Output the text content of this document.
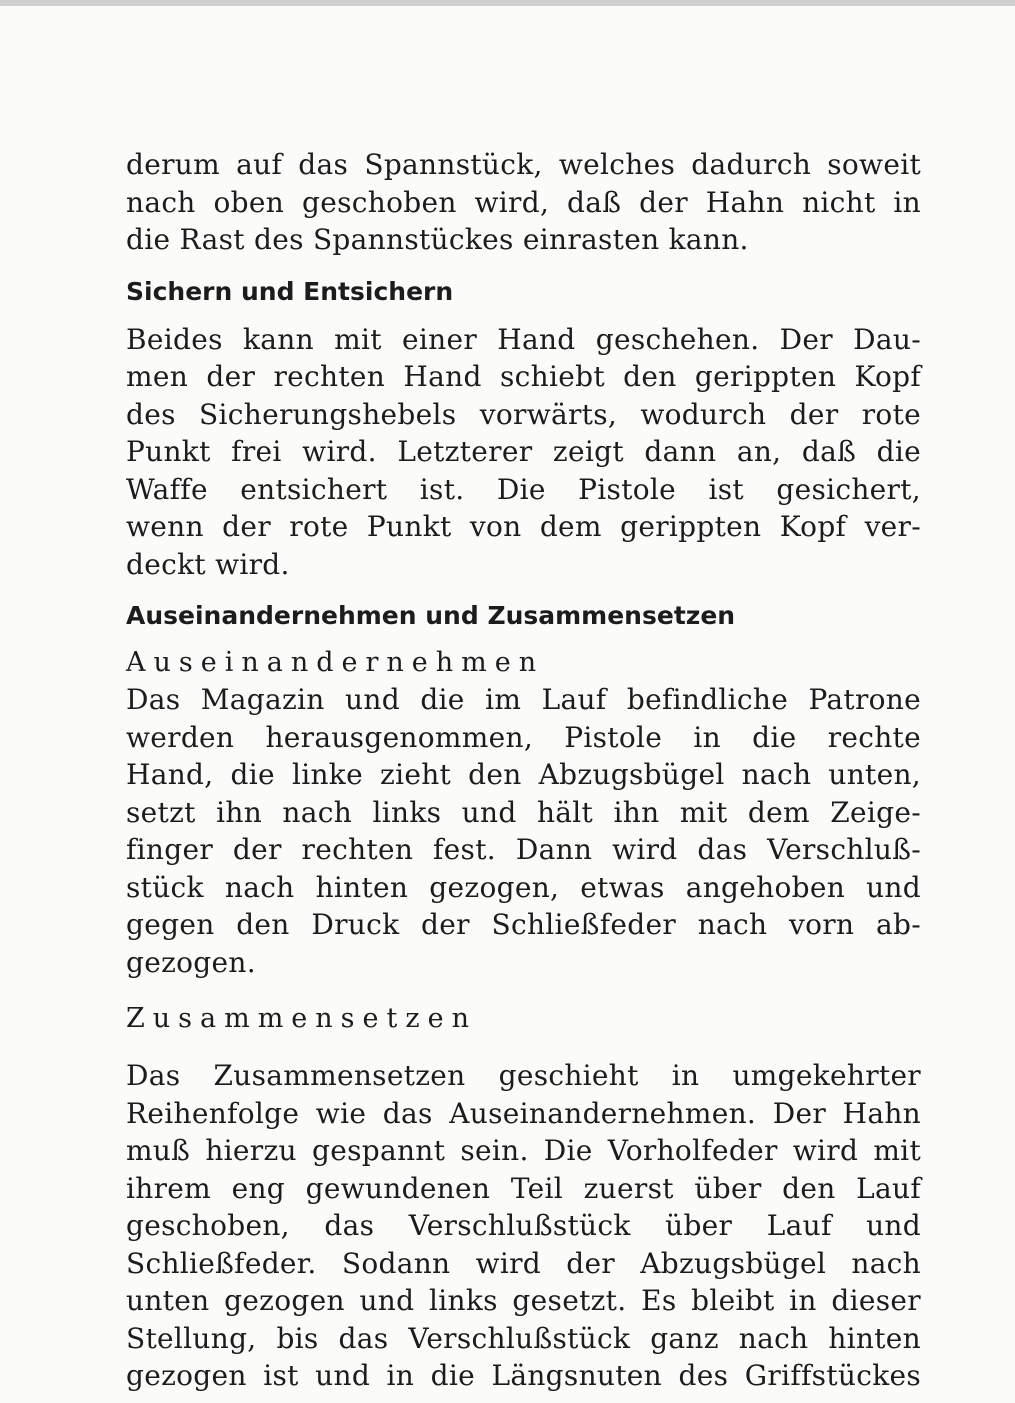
derum auf das Spannstück, welches dadurch soweit
nach oben geschoben wird, daß der Hahn nicht in
die Rast des Spannstückes einrasten kann.
Sichern und Entsichern
Beides kann mit einer Hand geschehen. Der Dau-
men der rechten Hand schiebt den gerippten Kopf
des Sicherungshebels vorwärts, wodurch der rote
Punkt frei wird. Letzterer zeigt dann an, daß die
Waffe entsichert ist. Die Pistole ist gesichert,
wenn der rote Punkt von dem gerippten Kopf ver-
deckt wird.
Auseinandernehmen und Zusammensetzen
Auseinandernehmen
Das Magazin und die im Lauf befindliche Patrone
werden herausgenommen, Pistole in die rechte
Hand, die linke zieht den Abzugsbügel nach unten,
setzt ihn nach links und hält ihn mit dem Zeige-
finger der rechten fest. Dann wird das Verschluß-
stück nach hinten gezogen, etwas angehoben und
gegen den Druck der Schließfeder nach vorn ab-
gezogen.
Zusammensetzen
Das Zusammensetzen geschieht in umgekehrter
Reihenfolge wie das Auseinandernehmen. Der Hahn
muß hierzu gespannt sein. Die Vorholfeder wird mit
ihrem eng gewundenen Teil zuerst über den Lauf
geschoben, das Verschlußstück über Lauf und
Schließfeder. Sodann wird der Abzugsbügel nach
unten gezogen und links gesetzt. Es bleibt in dieser
Stellung, bis das Verschlußstück ganz nach hinten
gezogen ist und in die Längsnuten des Griffstückes
